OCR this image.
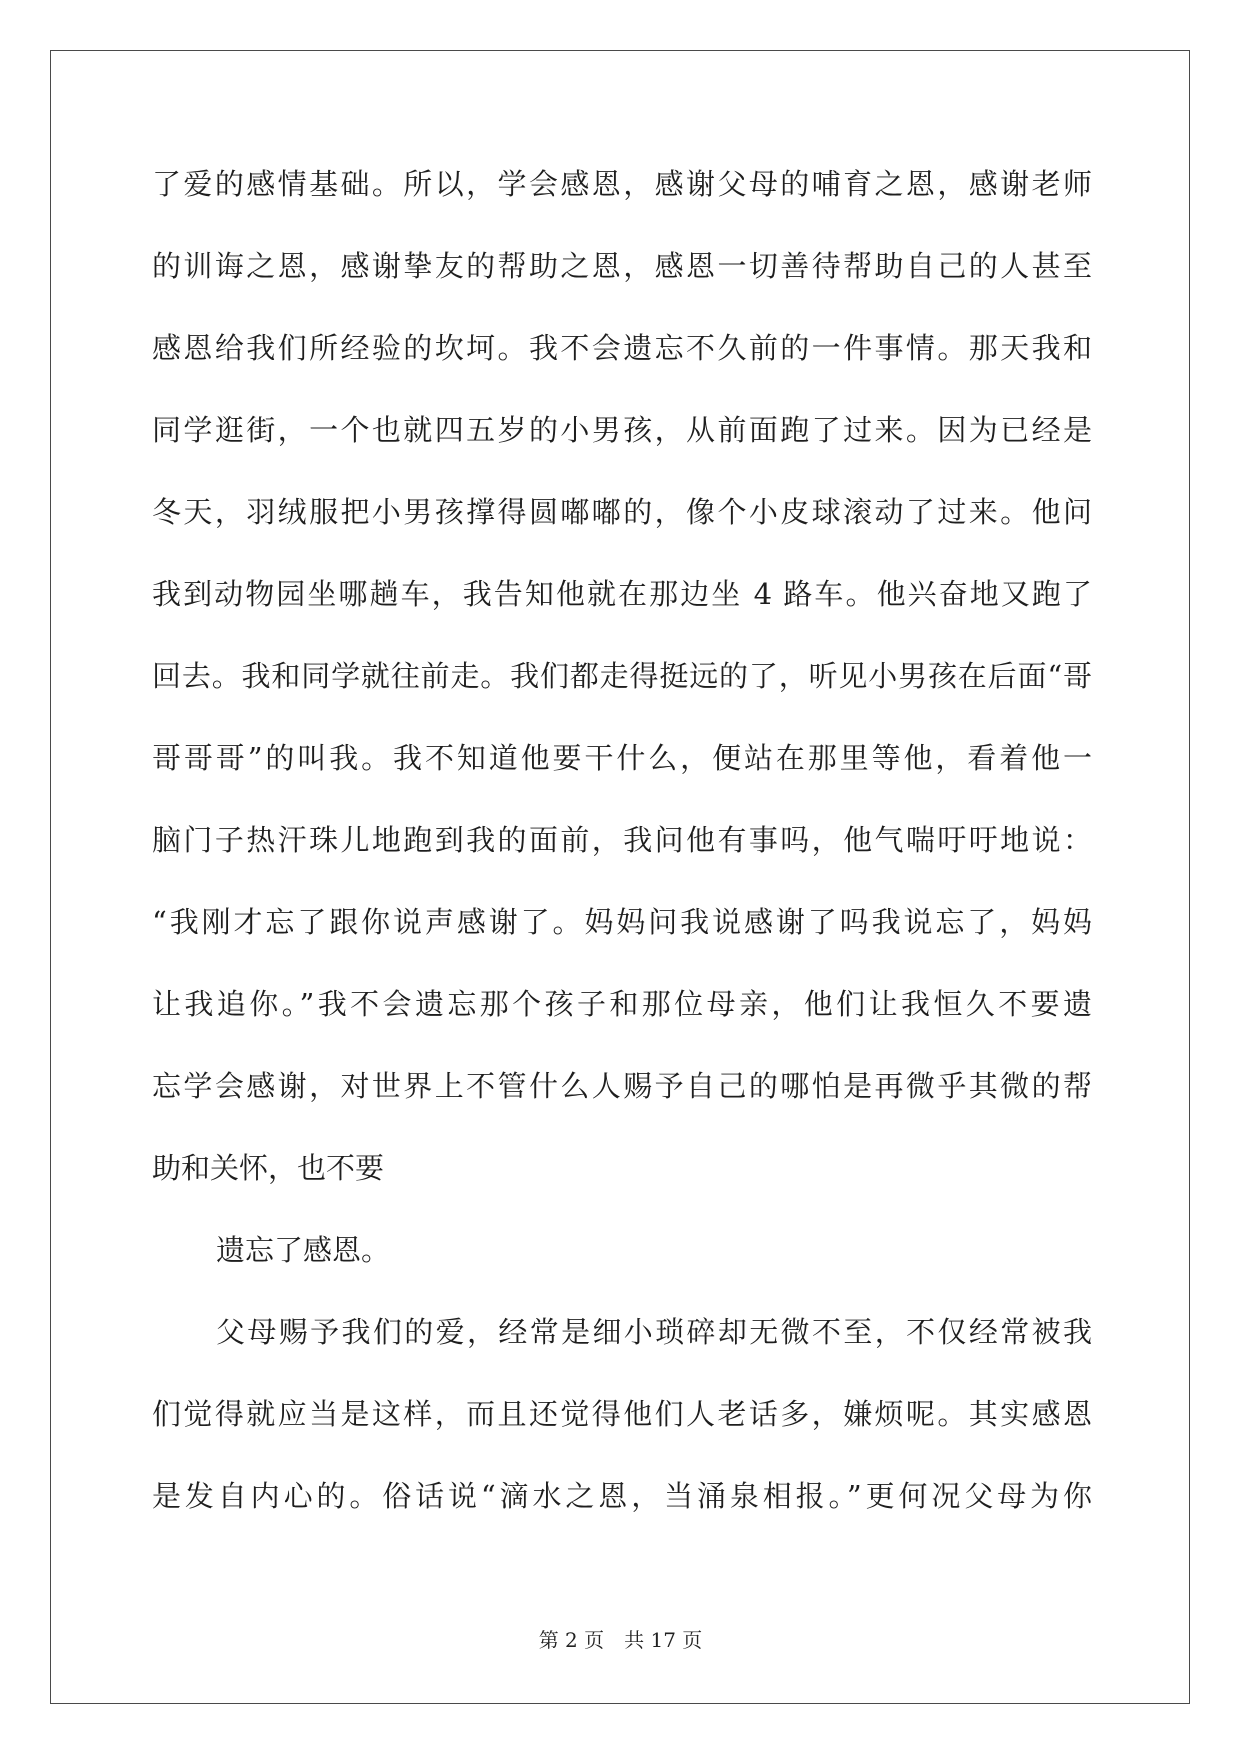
了爱的感情基础。所以，学会感恩，感谢父母的哺育之恩，感谢老师
的训诲之恩，感谢挚友的帮助之恩，感恩一切善待帮助自己的人甚至
感恩给我们所经验的坎坷。我不会遗忘不久前的一件事情。那天我和
同学逛街，一个也就四五岁的小男孩，从前面跑了过来。因为已经是
冬天，羽绒服把小男孩撑得圆嘟嘟的，像个小皮球滚动了过来。他问
我到动物园坐哪趟车，我告知他就在那边坐 4 路车。他兴奋地又跑了
回去。我和同学就往前走。我们都走得挺远的了，听见小男孩在后面“哥
哥哥哥”的叫我。我不知道他要干什么，便站在那里等他，看着他一
脑门子热汗珠儿地跑到我的面前，我问他有事吗，他气喘吁吁地说：
“我刚才忘了跟你说声感谢了。妈妈问我说感谢了吗我说忘了，妈妈
让我追你。”我不会遗忘那个孩子和那位母亲，他们让我恒久不要遗
忘学会感谢，对世界上不管什么人赐予自己的哪怕是再微乎其微的帮
助和关怀，也不要
遗忘了感恩。
父母赐予我们的爱，经常是细小琐碎却无微不至，不仅经常被我
们觉得就应当是这样，而且还觉得他们人老话多，嫌烦呢。其实感恩
是发自内心的。俗话说“滴水之恩，当涌泉相报。”更何况父母为你
第 2 页 共 17 页
